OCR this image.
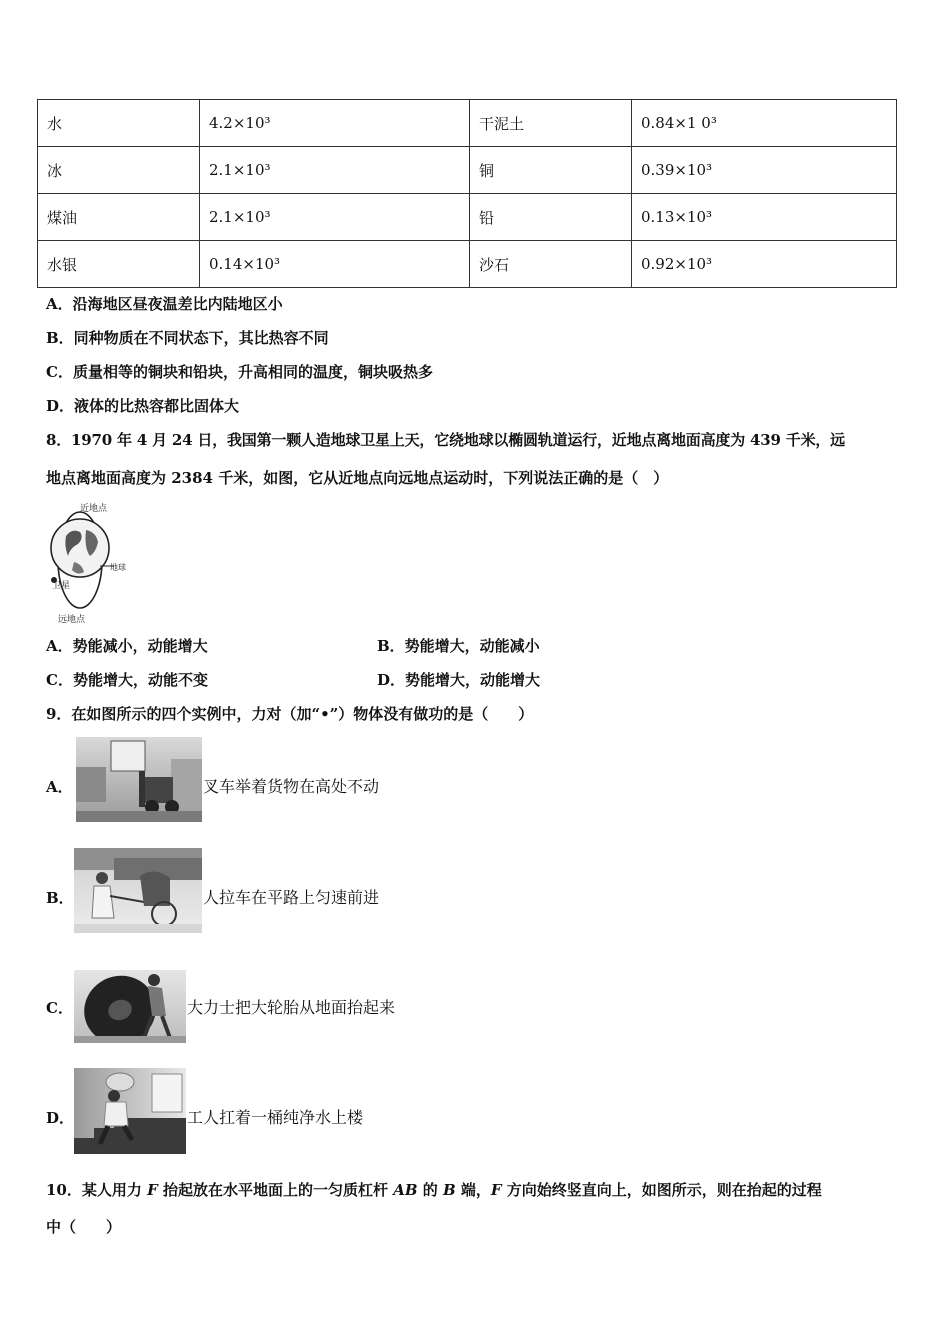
水	4.2×10³	干泥土	0.84×1 0³
冰	2.1×10³	铜	0.39×10³
煤油	2.1×10³	铅	0.13×10³
水银	0.14×10³	沙石	0.92×10³
A．沿海地区昼夜温差比内陆地区小
B．同种物质在不同状态下，其比热容不同
C．质量相等的铜块和铅块，升高相同的温度，铜块吸热多
D．液体的比热容都比固体大
8．1970 年 4 月 24 日，我国第一颗人造地球卫星上天，它绕地球以椭圆轨道运行，近地点离地面高度为 439 千米，远
地点离地面高度为 2384 千米，如图，它从近地点向远地点运动时，下列说法正确的是（　）
近地点
地球
卫星
远地点
A．势能减小，动能增大	B．势能增大，动能减小
C．势能增大，动能不变	D．势能增大，动能增大
9．在如图所示的四个实例中，力对（加“•”）物体没有做功的是（　　）
A．	叉车举着货物在高处不动
B．	人拉车在平路上匀速前进
C．	大力士把大轮胎从地面抬起来
D．	工人扛着一桶纯净水上楼
10．某人用力 F 抬起放在水平地面上的一匀质杠杆 AB 的 B 端，F 方向始终竖直向上，如图所示，则在抬起的过程
中（　　）
